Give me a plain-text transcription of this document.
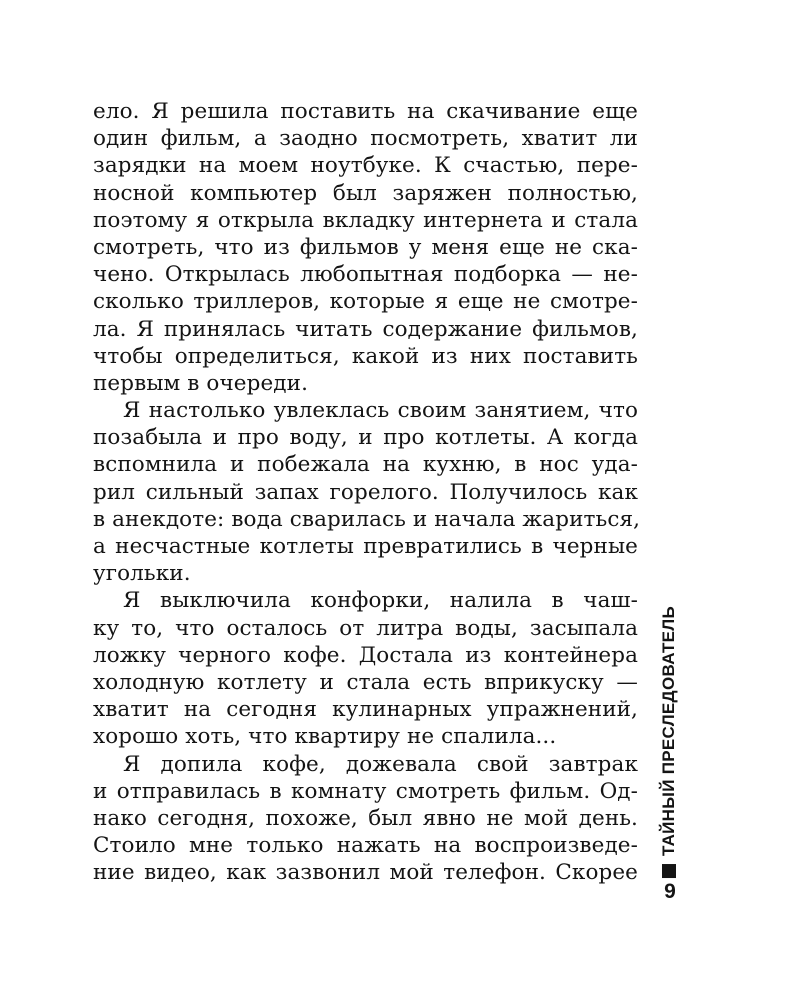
ело. Я решила поставить на скачивание еще
один фильм, а заодно посмотреть, хватит ли
зарядки на моем ноутбуке. К счастью, пере-
носной компьютер был заряжен полностью,
поэтому я открыла вкладку интернета и стала
смотреть, что из фильмов у меня еще не ска-
чено. Открылась любопытная подборка — не-
сколько триллеров, которые я еще не смотре-
ла. Я принялась читать содержание фильмов,
чтобы определиться, какой из них поставить
первым в очереди.
Я настолько увлеклась своим занятием, что
позабыла и про воду, и про котлеты. А когда
вспомнила и побежала на кухню, в нос уда-
рил сильный запах горелого. Получилось как
в анекдоте: вода сварилась и начала жариться,
а несчастные котлеты превратились в черные
угольки.
Я выключила конфорки, налила в чаш-
ку то, что осталось от литра воды, засыпала
ложку черного кофе. Достала из контейнера
холодную котлету и стала есть вприкуску —
хватит на сегодня кулинарных упражнений,
хорошо хоть, что квартиру не спалила...
Я допила кофе, дожевала свой завтрак
и отправилась в комнату смотреть фильм. Од-
нако сегодня, похоже, был явно не мой день.
Стоило мне только нажать на воспроизведе-
ние видео, как зазвонил мой телефон. Скорее
ТАЙНЫЙ ПРЕСЛЕДОВАТЕЛЬ
9
